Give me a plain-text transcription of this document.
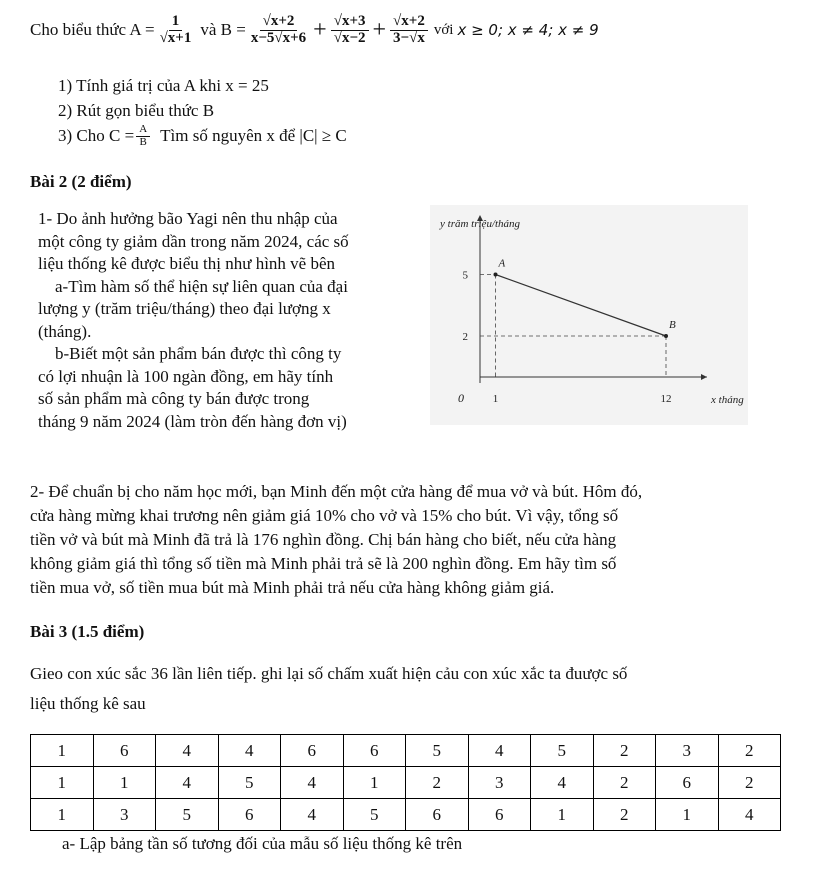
Cho biểu thức $A = \frac{1}{√x+1}$ và $B = \frac{√x+2}{x-5√x+6} + \frac{√x+3}{√x-2} + \frac{√x+2}{3-√x}$ với x ≥ 0; x ≠ 4; x ≠ 9
1) Tính giá trị của A khi x = 25
2) Rút gọn biểu thức B
3) Cho $C = \frac{A}{B}$ Tìm số nguyên x để |C| ≥ C
Bài 2 (2 điểm)
1- Do ảnh hưởng bão Yagi nên thu nhập của
một công ty giảm dần trong năm 2024, các số
liệu thống kê được biểu thị như hình vẽ bên
a-Tìm hàm số thể hiện sự liên quan của đại
lượng y (trăm triệu/tháng) theo đại lượng x
(tháng).
b-Biết một sản phẩm bán được thì công ty
có lợi nhuận là 100 ngàn đồng, em hãy tính
số sản phẩm mà công ty bán được trong
tháng 9 năm 2024 (làm tròn đến hàng đơn vị)
y trăm triệu/tháng
x tháng
0
5
2
1	12
A
B
2- Để chuẩn bị cho năm học mới, bạn Minh đến một cửa hàng để mua vở và bút. Hôm đó,
cửa hàng mừng khai trương nên giảm giá 10% cho vở và 15% cho bút. Vì vậy, tổng số
tiền vở và bút mà Minh đã trả là 176 nghìn đồng. Chị bán hàng cho biết, nếu cửa hàng
không giảm giá thì tổng số tiền mà Minh phải trả sẽ là 200 nghìn đồng. Em hãy tìm số
tiền mua vở, số tiền mua bút mà Minh phải trả nếu cửa hàng không giảm giá.
Bài 3 (1.5 điểm)
Gieo con xúc sắc 36 lần liên tiếp. ghi lại số chấm xuất hiện cảu con xúc xắc ta đuược số
liệu thống kê sau
1	6	4	4	6	6	5	4	5	2	3	2
1	1	4	5	4	1	2	3	4	2	6	2
1	3	5	6	4	5	6	6	1	2	1	4
a- Lập bảng tần số tương đối của mẫu số liệu thống kê trên
